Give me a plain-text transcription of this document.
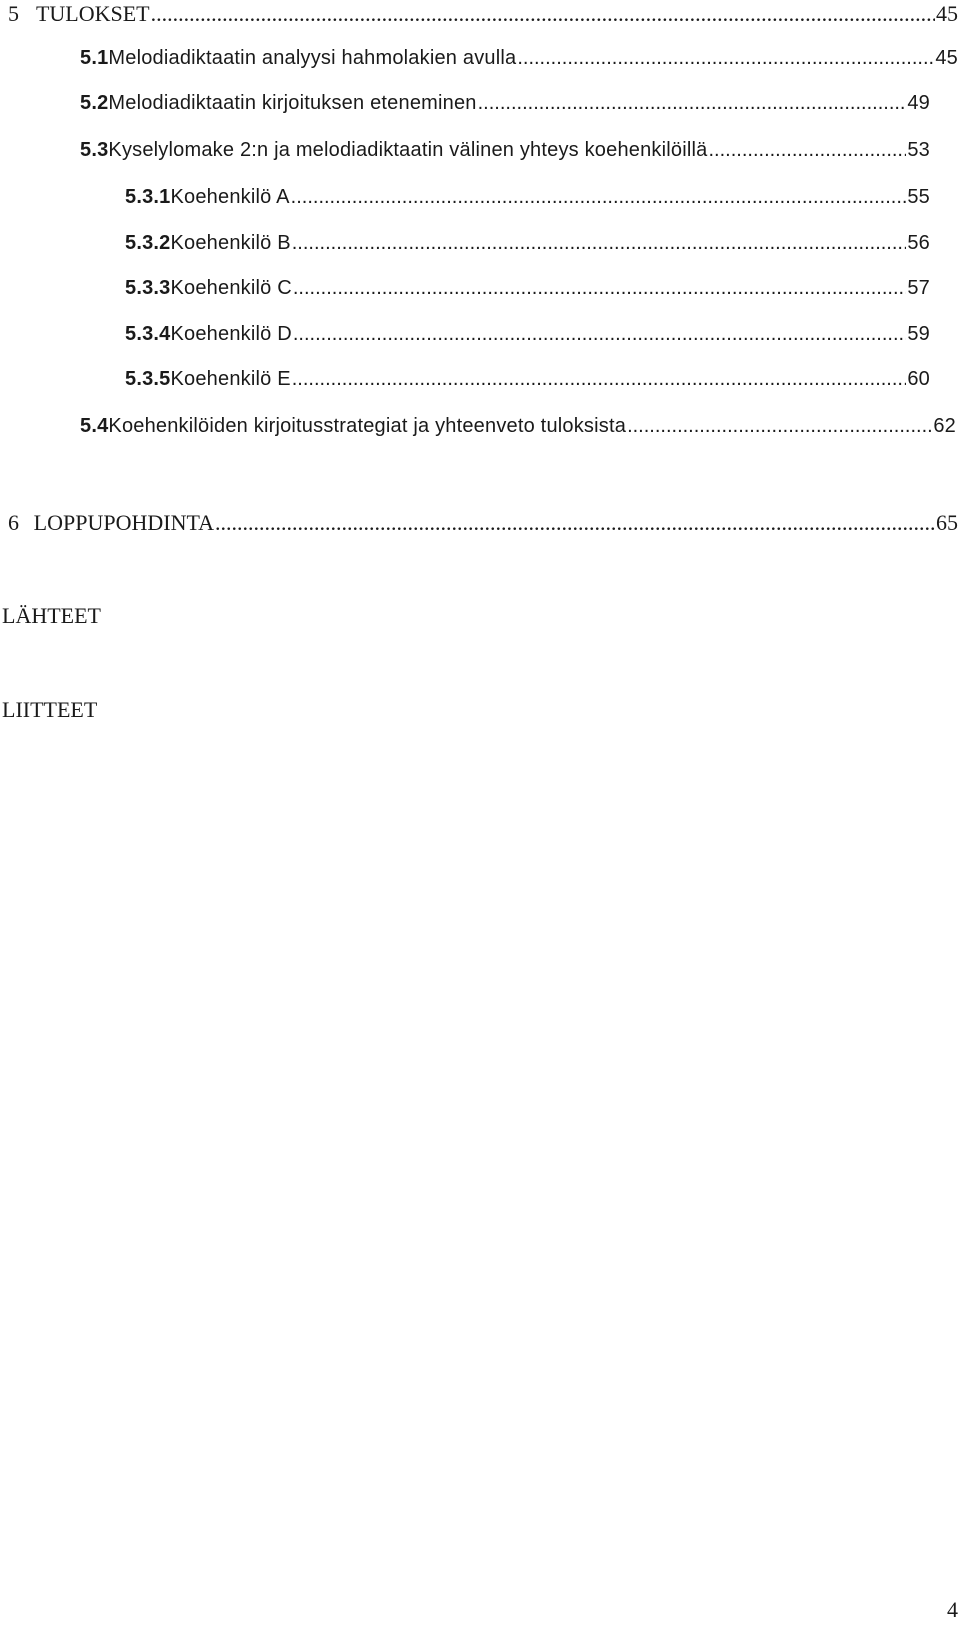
5 TULOKSET .....	45
5.1 Melodiadiktaatin analyysi hahmolakien avulla .....	45
5.2 Melodiadiktaatin kirjoituksen eteneminen .....	49
5.3 Kyselylomake 2:n ja melodiadiktaatin välinen yhteys koehenkilöillä .....	53
5.3.1 Koehenkilö A .....	55
5.3.2 Koehenkilö B .....	56
5.3.3 Koehenkilö C .....	57
5.3.4 Koehenkilö D .....	59
5.3.5 Koehenkilö E .....	60
5.4 Koehenkilöiden kirjoitusstrategiat ja yhteenveto tuloksista .....	62
6 LOPPUPOHDINTA .....	65
LÄHTEET
LIITTEET
4
